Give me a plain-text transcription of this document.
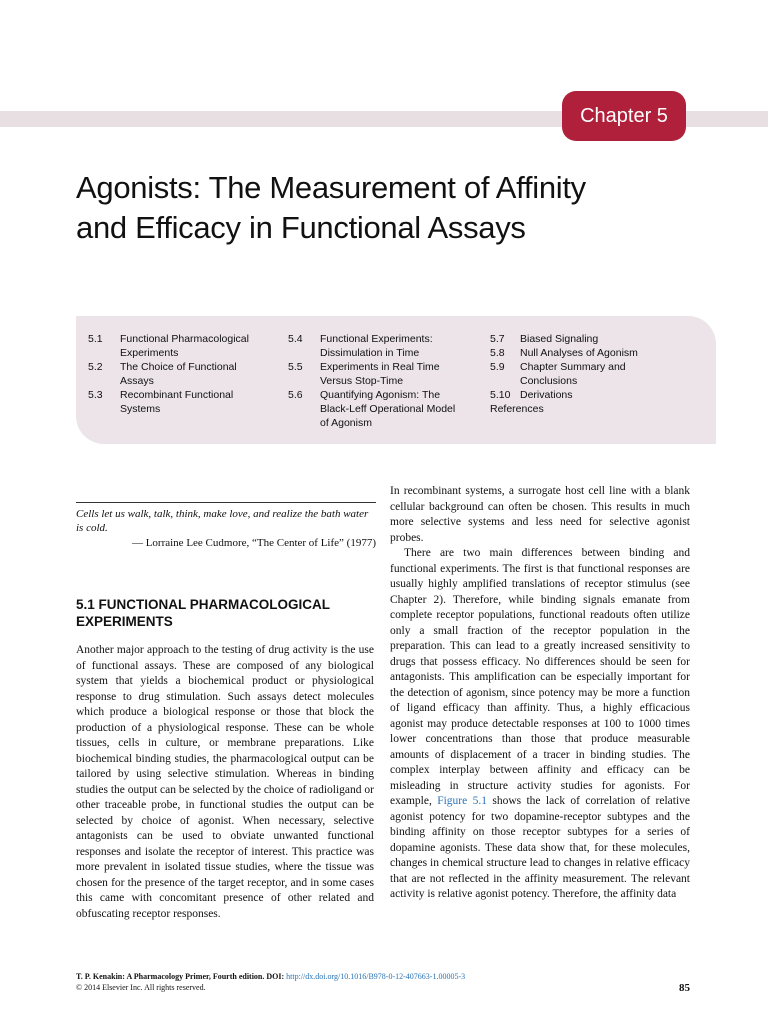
Chapter 5
Agonists: The Measurement of Affinity
and Efficacy in Functional Assays
5.1	Functional Pharmacological Experiments
5.2	The Choice of Functional Assays
5.3	Recombinant Functional Systems
5.4	Functional Experiments: Dissimulation in Time
5.5	Experiments in Real Time Versus Stop-Time
5.6	Quantifying Agonism: The Black-Leff Operational Model of Agonism
5.7	Biased Signaling
5.8	Null Analyses of Agonism
5.9	Chapter Summary and Conclusions
5.10 Derivations
References
Cells let us walk, talk, think, make love, and realize the bath water is cold.
— Lorraine Lee Cudmore, “The Center of Life” (1977)
5.1 FUNCTIONAL PHARMACOLOGICAL EXPERIMENTS

Another major approach to the testing of drug activity is the use of functional assays. These are composed of any biological system that yields a biochemical product or physiological response to drug stimulation. Such assays detect molecules which produce a biological response or those that block the production of a physiological response. These can be whole tissues, cells in culture, or membrane preparations. Like biochemical binding studies, the pharmacological output can be tailored by using selective stimulation. Whereas in binding studies the output can be selected by the choice of radioligand or other traceable probe, in functional studies the output can be selected by choice of agonist. When necessary, selective antagonists can be used to obviate unwanted functional responses and isolate the receptor of interest. This practice was more prevalent in isolated tissue studies, where the tissue was chosen for the presence of the target receptor, and in some cases this came with concomitant presence of other related and obfuscating receptor responses.

In recombinant systems, a surrogate host cell line with a blank cellular background can often be chosen. This results in much more selective systems and less need for selective agonist probes.

There are two main differences between binding and functional experiments. The first is that functional responses are usually highly amplified translations of receptor stimulus (see Chapter 2). Therefore, while binding signals emanate from complete receptor populations, functional readouts often utilize only a small fraction of the receptor population in the preparation. This can lead to a greatly increased sensitivity to drugs that possess efficacy. No differences should be seen for antagonists. This amplification can be especially important for the detection of agonism, since potency may be more a function of ligand efficacy than affinity. Thus, a highly efficacious agonist may produce detectable responses at 100 to 1000 times lower concentrations than those that produce measurable amounts of displacement of a tracer in binding studies. The complex interplay between affinity and efficacy can be misleading in structure activity studies for agonists. For example, Figure 5.1 shows the lack of correlation of relative agonist potency for two dopamine-receptor subtypes and the binding affinity on those receptor subtypes for a series of dopamine agonists. These data show that, for these molecules, changes in chemical structure lead to changes in relative efficacy that are not reflected in the affinity measurement. The relevant activity is relative agonist potency. Therefore, the affinity data

T. P. Kenakin: A Pharmacology Primer, Fourth edition. DOI: http://dx.doi.org/10.1016/B978-0-12-407663-1.00005-3
© 2014 Elsevier Inc. All rights reserved.	85
